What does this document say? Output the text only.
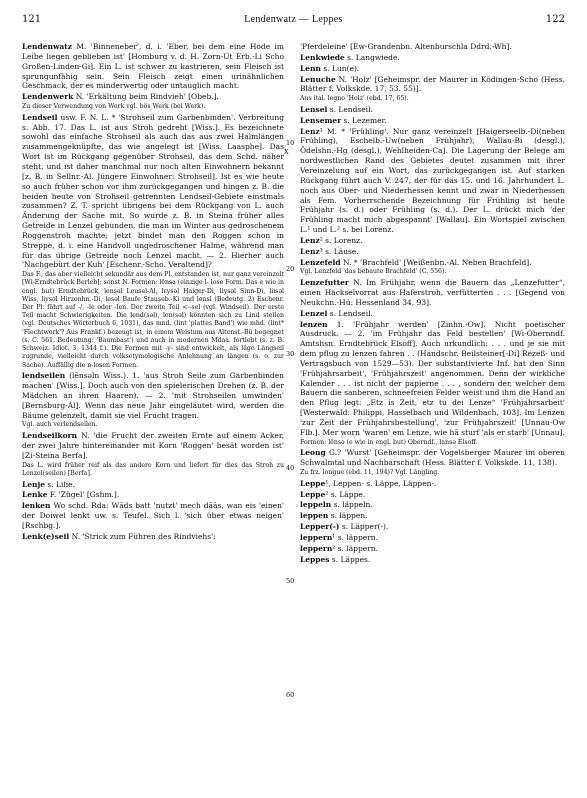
121	Lendenwatz — Leppes	122
Lendenwatz M. 'Binneneber', d. i. 'Eber, bei dem eine Hode im Leibe liegen geblieben ist' [Homburg v. d. H. Zorn-Ut Erb.-Li Scho Großen-Linden-Gi]. Ein L. ist schwer zu kastrieren, sein Fleisch ist sprungunfähig sein. Sein Fleisch zeigt einen urinähnlichen Geschmack, der es minderwertig oder untauglich macht.
Lendenwerk N. 'Erkältung beim Rindvieh' [Obeb.].
Zu dieser Verwendung von Werk vgl. bös Werk (bei Werk).
Lendseil usw. F. N. L. * 'Strohseil zum Garbenbinden'. Verbreitung s. Abb. 17. Das L. ist aus Stroh gedreht [Wiss.]. Es bezeichnete sowohl das einfache Strohseil als auch das aus zwei Halmlängen zusammengeknüpfte, das wie angelegt ist [Wiss. Laasphe]. Das Wort ist im Rückgang gegenüber Strohseil, das dem Schd. näher steht, und ist daher manchmal nur noch alten Einwohnern bekannt [z. B. in Sellnr.-Al. Jüngere Einwohner: Strohseil]. Ist es wie heute so auch früher schon vor ihm zurückgegangen und hingen z. B. die beiden heute von Strohseil getrennten Lendseil-Gebiete einstmals zusammen? Z. T. spricht übrigens bei dem Rückgang von L. auch Änderung der Sache mit. So wurde z. B. in Steina früher alles Getreide in Lenzel gebunden, die man im Winter aus gedroschenem Roggenstroh machte; jetzt bindet man den Roggen schon in Streppe, d. i. eine Handvoll ungedroschener Halme, während man für das übrige Getreide noch Lenzel macht. — 2. Hierher auch 'Nachgebürt der Kuh' [Eschenr.-Scho. Veraltend]?
Das F., das aber vielleicht sekundär aus dem Pl. entstanden ist, nur ganz vereinzelt [Wi-Erndtebrück Berleb]; sonst N. Formen: lēnsa (einzige l- lose Form. Das e wie in engl. but) Erndtebrück, lensəl Leusel-Al, lɛysəl Haiger-Di, liysəl Sinn-Di, liisəl Wiss, liysəl Hirzenhn.-Di, lesəl Baufe Stauseb.-Ki und lensl (Bedeutg. 2) Eschenr. Der Pl. fährt auf -/, -le oder -len. Der zweite Teil <--sel (vgl. Windseil). Der erste Teil macht Schwierigkeiten. Die lend(səl), len(səl) könnten sich zu Lind stellen (vgl. Deutsches Wörterbuch 6, 1031), das mnd. (lint 'plattes Band') wie mhd. (lint* 'Flechtwerk'? Aus Frankf.) bezeugt ist, in einem Weistum aus Altenst.-Bü begegnet (s. C. 561. Bedeutung: 'Baumbast') und auch in modernen Mdaa. fortlebt (s. z. B. Schweiz. Idiot. 3, 1344 f.). Die Formen mit -y- sind entwickelt, als läge Längseil zugrunde, vielleicht durch volksetymologische Anlehnung an längen (s. o. zur Sache). Auffällig die n-losen Formen.
lendseilen (lĕnsəln Wiss.). 1. 'aus Stroh Seile zum Garbenbinden machen' [Wiss.]. Doch auch von den spielerischen Drehen (z. B. der Mädchen an ihren Haaren). — 2. 'mit Strohseilen umwinden' [Bernsburg-Al]. Wenn das neue Jahr eingeläutet wird, werden die Bäume gelenzelt, damit sie viel Frucht tragen.
Vgl. auch verlendseilen.
Lendseilkorn N. 'die Frucht der zweiten Ernte auf einem Acker, der zwei Jahre hintereinander mit Korn 'Roggen' besät worden ist' [Zi-Steina Berfa].
Das L. wird früher reif als das andere Korn und liefert für dies das Stroh zu Lenzel(seilen) [Berfa].
Lenje s. Lilie.
Lenke F. 'Zügel' [Gshm.].
lenken Wo schd. Rda: Wāds batt 'nutzt' mech dāās, wan eis 'einen' der Doiwel lenkt uw. s. Teufel. Sich l. 'sich über etwas neigen' [Rschbg.].
Lenk(e)seil N. 'Strick zum Führen des Rindviehs';
'Pferdeleine' [Ew-Grandenbn. Altenburschla Ddrd.-Wh].
Lenkwiede s. Langwiede.
Lenn s. Lun(e).
Lenuche N. 'Holz' [Geheimspr. der Maurer in Ködingen-Scho (Hess. Blätter f. Volkskde. 17, 53. 55)].
Aus ital. legno 'Holz' (ebd. 17, 65).
Lensel s. Lendseil.
Lensemer s. Lezemer.
Lenz¹ M. * 'Frühling'. Nur ganz vereinzelt [Haigerseelb.-Di(neben Frühling), Eschelb.-Uw(neben Frühjahr), Wallau-Bi (desgl.), Ödelshn.-Hg (desgl.), Wehlheiden-Ca]. Die Lagerung der Belege am nordwestlichen Rand des Gebietes deutet zusammen mit ihrer Vereinzelung auf ein Wort, das zurückgegangen ist. Auf starken Rückgang führt auch V. 247, der für das 15. und 16. Jahrhundert L. noch aus Ober- und Niederhessen kennt und zwar in Niederhessen als Fem. Vorherrschende Bezeichnung für Frühling ist heute Frühjahr (s. d.) oder Frühling (s. d.). Der L. drückt mich 'der Frühling macht mich abgespannt' [Wallau]. Ein Wortspiel zwischen L.¹ und L.² s. bei Lorenz.
Lenz² s. Lorenz.
Lenz³ s. Läuse.
Lenzefeld N. * 'Brachfeld' [Weißenbn.-Al. Neben Brachfeld].
Vgl. Lenzfeld 'das bebaute Brachfeld' (C. 556).
Lenzefutter N. Im Frühjahr, wenn die Bauern das „Lenzefutter“, einen Häckselvorrat aus Haferstroh, verfütterten . . . [Gegend von Neukchn.-Hü: Hessenland 34, 93].
Lenzel s. Lendseil.
lenzen 1. 'Frühjahr werden' [Zinhn.-Ow]. Nicht poetischer Ausdruck. — 2. 'im Frühjahr das Feld bestellen' [Wi-Obernndf. Amtshsn. Erndtebrück Elsoff]. Auch urkundlich: . . . und je sie mit dem pflug zu lenzen fahren . . (Handschr. Beilsteiner[-Di] Rezeß- und Vertragsbuch von 1529—53). Der substantivierte Inf. hat den Sinn 'Frühjahrsarbeit', 'Frühjahrszeit' angenommen. Denn der wirkliche Kalender . . . ist nicht der papierne . . . , sondern der, welcher dem Bauern die sanberen, schneefreien Felder weist und ihm die Hand an den Pflug legt: „Etz is Zeit, etz tu dei Lenze“ 'Frühjahrsarbeit' [Westerwald: Philippi, Hasselbach und Wildenbach, 103]. Im Lenzen 'zur Zeit der Frühjahrsbestellung', 'zur Frühjahrszeit' [Unnau-Ow Flb.]. Mer worn 'waren' em Lenze, wie hā sturf 'als er starb' [Unnau].
Formen: lēnsə (e wie in engl. but) Oberndf., lansə Elsoff.
Leong G.? 'Wurst' [Geheimspr. der Vogelsberger Maurer im oberen Schwalmtal und Nachbarschaft (Hess. Blätter f. Volkskde. 11, 138).
Zu frz. longue (ebd. 11, 194)? Vgl. Längling.
Leppe¹, Leppen- s. Läppe, Läppen-.
Leppe² s. Läppe.
leppeln s. läppeln.
leppen s. läppen.
Lepper(-) s. Läpper(-).
leppern¹ s. läppern.
leppern² s. läppern.
Leppes s. Läppes.
X
10
20
30
40
50
60
